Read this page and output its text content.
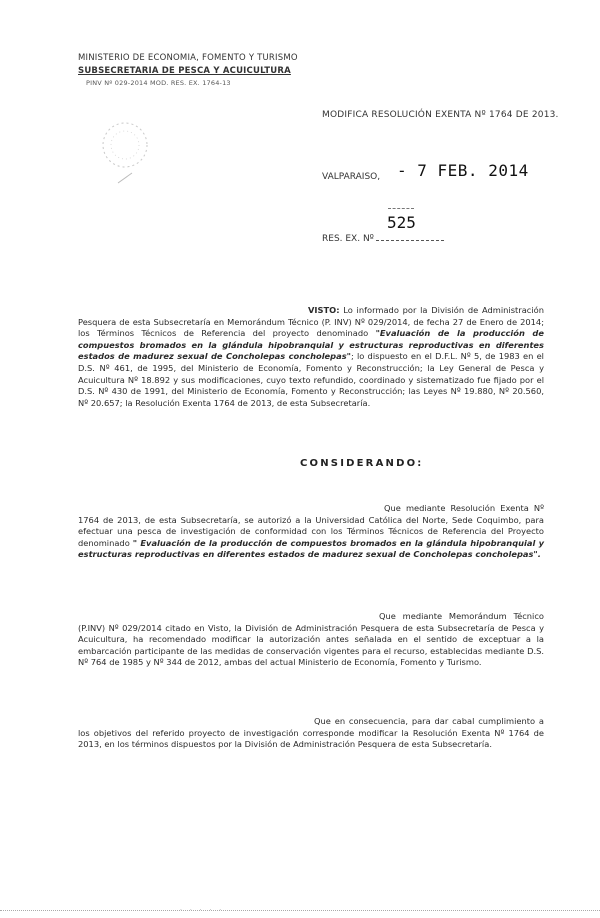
MINISTERIO DE ECONOMIA, FOMENTO Y TURISMO
SUBSECRETARIA DE PESCA Y ACUICULTURA
PINV Nº 029-2014 MOD. RES. EX. 1764-13
MODIFICA RESOLUCIÓN EXENTA Nº 1764 DE 2013.
VALPARAISO, - 7 FEB. 2014
525
RES. EX. Nº
VISTO: Lo informado por la División de Administración Pesquera de esta Subsecretaría en Memorándum Técnico (P. INV) Nº 029/2014, de fecha 27 de Enero de 2014; los Términos Técnicos de Referencia del proyecto denominado "Evaluación de la producción de compuestos bromados en la glándula hipobranquial y estructuras reproductivas en diferentes estados de madurez sexual de Concholepas concholepas"; lo dispuesto en el D.F.L. Nº 5, de 1983 en el D.S. Nº 461, de 1995, del Ministerio de Economía, Fomento y Reconstrucción; la Ley General de Pesca y Acuicultura Nº 18.892 y sus modificaciones, cuyo texto refundido, coordinado y sistematizado fue fijado por el D.S. Nº 430 de 1991, del Ministerio de Economía, Fomento y Reconstrucción; las Leyes Nº 19.880, Nº 20.560, Nº 20.657; la Resolución Exenta 1764 de 2013, de esta Subsecretaría.
CONSIDERANDO:
Que mediante Resolución Exenta Nº 1764 de 2013, de esta Subsecretaría, se autorizó a la Universidad Católica del Norte, Sede Coquimbo, para efectuar una pesca de investigación de conformidad con los Términos Técnicos de Referencia del Proyecto denominado " Evaluación de la producción de compuestos bromados en la glándula hipobranquial y estructuras reproductivas en diferentes estados de madurez sexual de Concholepas concholepas".
Que mediante Memorándum Técnico (P.INV) Nº 029/2014 citado en Visto, la División de Administración Pesquera de esta Subsecretaría de Pesca y Acuicultura, ha recomendado modificar la autorización antes señalada en el sentido de exceptuar a la embarcación participante de las medidas de conservación vigentes para el recurso, establecidas mediante D.S. Nº 764 de 1985 y Nº 344 de 2012, ambas del actual Ministerio de Economía, Fomento y Turismo.
Que en consecuencia, para dar cabal cumplimiento a los objetivos del referido proyecto de investigación corresponde modificar la Resolución Exenta Nº 1764 de 2013, en los términos dispuestos por la División de Administración Pesquera de esta Subsecretaría.
. . . . .
